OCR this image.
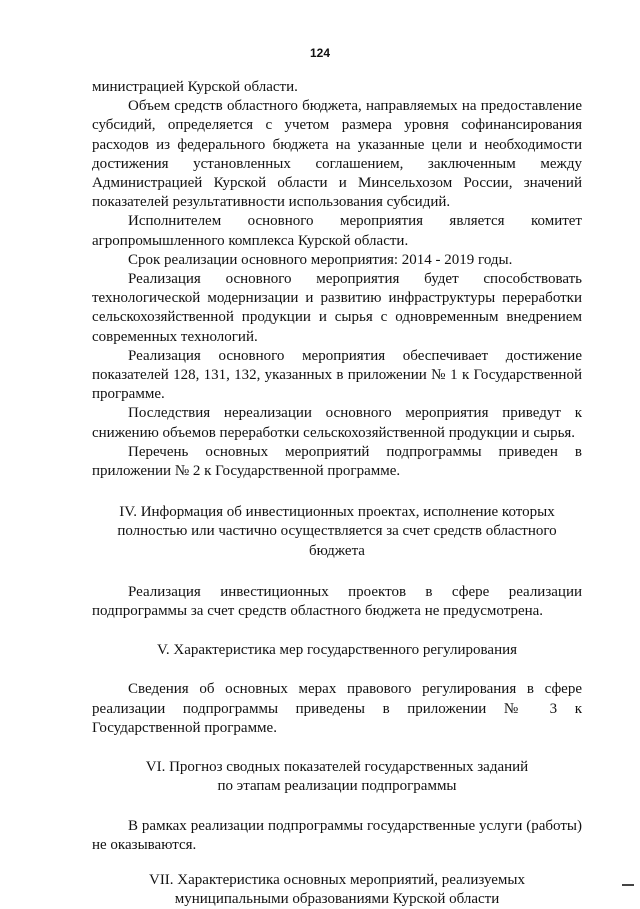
124

министрацией Курской области.

Объем средств областного бюджета, направляемых на предоставление субсидий, определяется с учетом размера уровня софинансирования расходов из федерального бюджета на указанные цели и необходимости достижения установленных соглашением, заключенным между Администрацией Курской области и Минсельхозом России, значений показателей результативности использования субсидий.

Исполнителем основного мероприятия является комитет агропромышленного комплекса Курской области.

Срок реализации основного мероприятия: 2014 - 2019 годы.

Реализация основного мероприятия будет способствовать технологической модернизации и развитию инфраструктуры переработки сельскохозяйственной продукции и сырья с одновременным внедрением современных технологий.

Реализация основного мероприятия обеспечивает достижение показателей 128, 131, 132, указанных в приложении № 1 к Государственной программе.

Последствия нереализации основного мероприятия приведут к снижению объемов переработки сельскохозяйственной продукции и сырья.

Перечень основных мероприятий подпрограммы приведен в приложении № 2 к Государственной программе.

IV. Информация об инвестиционных проектах, исполнение которых полностью или частично осуществляется за счет средств областного бюджета

Реализация инвестиционных проектов в сфере реализации подпрограммы за счет средств областного бюджета не предусмотрена.

V. Характеристика мер государственного регулирования

Сведения об основных мерах правового регулирования в сфере реализации подпрограммы приведены в приложении № 3 к Государственной программе.

VI. Прогноз сводных показателей государственных заданий
по этапам реализации подпрограммы

В рамках реализации подпрограммы государственные услуги (работы) не оказываются.

VII. Характеристика основных мероприятий, реализуемых
муниципальными образованиями Курской области
